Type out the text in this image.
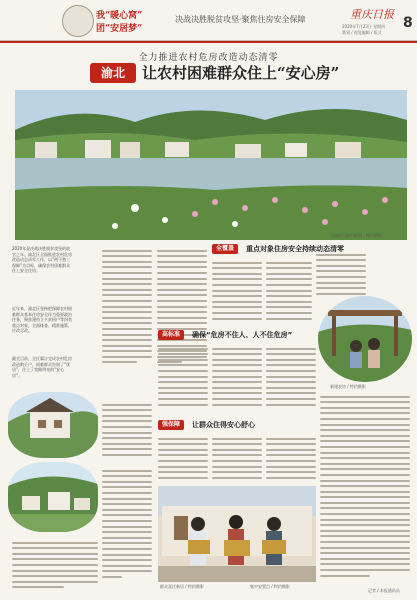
我“暖心窝”
团“安居梦”
决战决胜脱贫攻坚·聚焦住房安全保障	重庆日报
2020年7月23日 星期四
策划 / 视觉编辑 / 版式
8
全力推进农村危房改造动态清零
渝北	让农村困难群众住上“安心房”
大盛镇天险村新貌 / 特约摄影
2020年是决战决胜脱贫攻坚的收官之年。渝北区全面推进农村危房改造动态清零工作，以“两不愁三保障”为目标，确保农村困难群众住上安全住房。
近年来，渝北区坚持把保障农村困难群众基本住房安全作为重要政治任务，聚焦建档立卡贫困户等四类重点对象，全面排查、精准施策、应改尽改。
截至目前，全区累计完成农村危房改造数千户，困难群众告别了“忧居”，住上了宽敞明亮的“安心房”。
全覆盖	重点对象住房安全持续动态清零
新建农房 / 特约摄影
高标准	确保“危房不住人、人不住危房”
强保障	让群众住得安心舒心
群众喜迁新居 / 特约摄影	集中安置点 / 特约摄影
记者 / 本报通讯员
